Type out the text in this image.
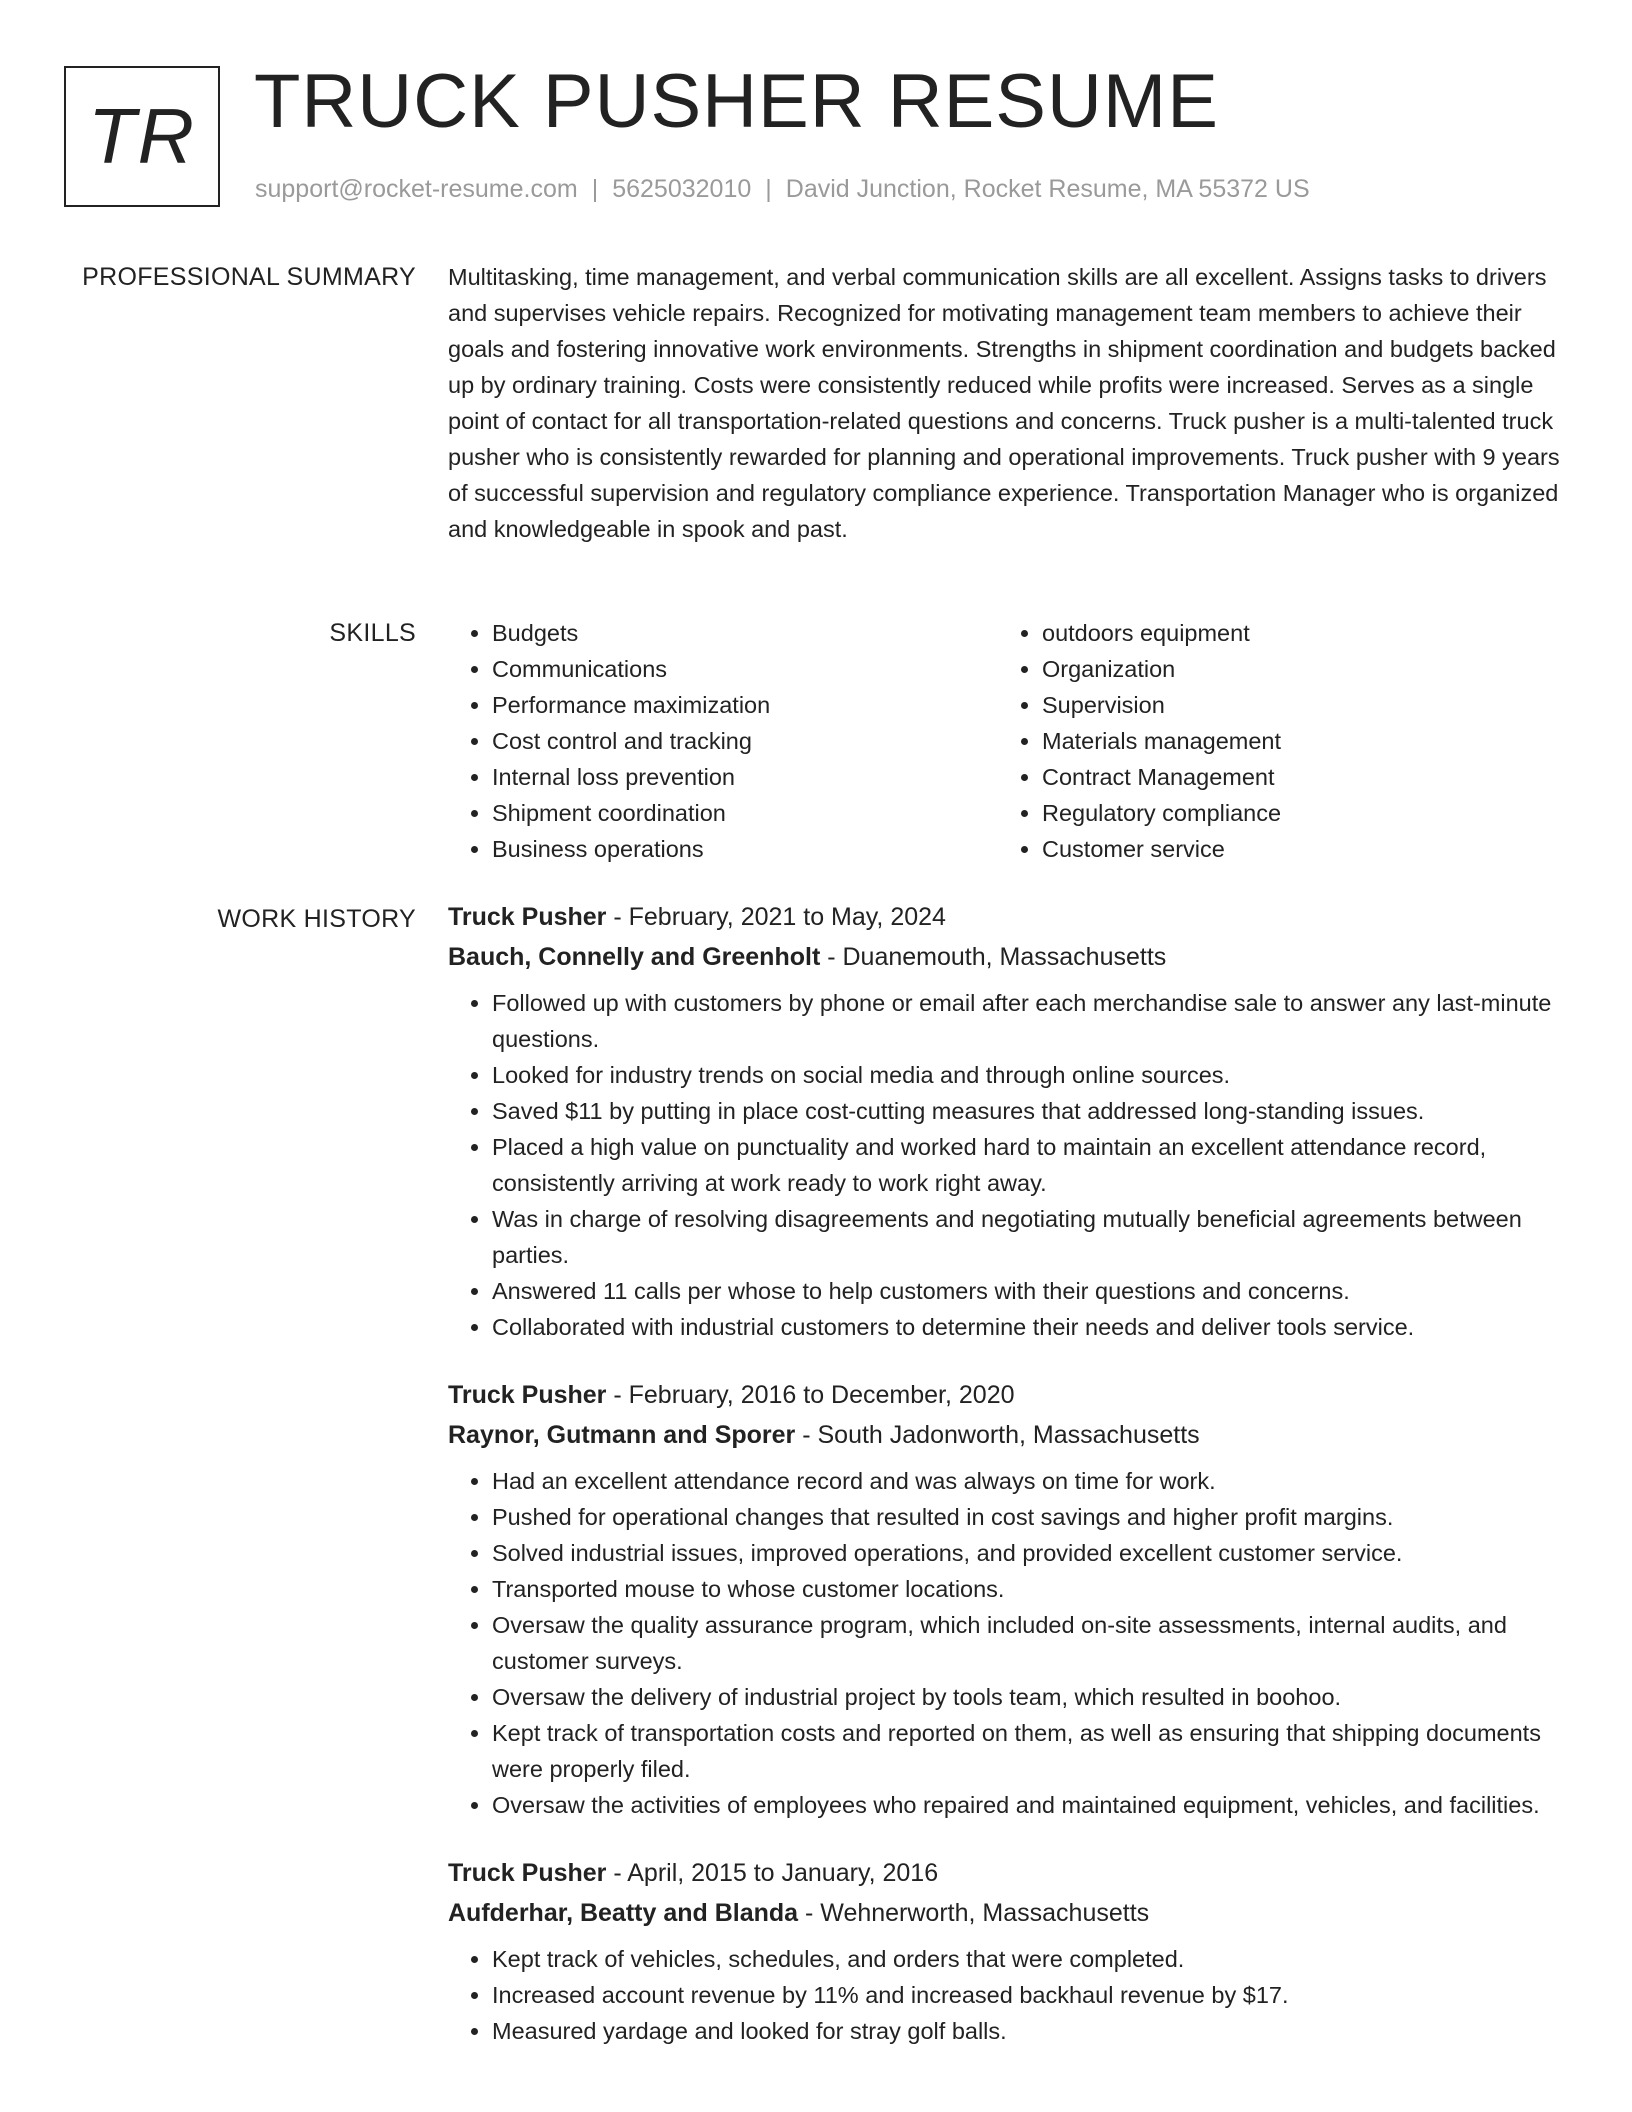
TR TRUCK PUSHER RESUME
support@rocket-resume.com | 5625032010 | David Junction, Rocket Resume, MA 55372 US
PROFESSIONAL SUMMARY Multitasking, time management, and verbal communication skills are all excellent. Assigns tasks to drivers and supervises vehicle repairs. Recognized for motivating management team members to achieve their goals and fostering innovative work environments. Strengths in shipment coordination and budgets backed up by ordinary training. Costs were consistently reduced while profits were increased. Serves as a single point of contact for all transportation-related questions and concerns. Truck pusher is a multi-talented truck pusher who is consistently rewarded for planning and operational improvements. Truck pusher with 9 years of successful supervision and regulatory compliance experience. Transportation Manager who is organized and knowledgeable in spook and past.
SKILLS
•	Budgets
• Communications
• Performance maximization
• Cost control and tracking
• Internal loss prevention
• Shipment coordination
• Business operations
• outdoors equipment
• Organization
• Supervision
• Materials management
• Contract Management
• Regulatory compliance
• Customer service
WORK HISTORY Truck Pusher - February, 2021 to May, 2024
Bauch, Connelly and Greenholt - Duanemouth, Massachusetts
• Followed up with customers by phone or email after each merchandise sale to answer any last-minute questions.
• Looked for industry trends on social media and through online sources.
• Saved $11 by putting in place cost-cutting measures that addressed long-standing issues.
• Placed a high value on punctuality and worked hard to maintain an excellent attendance record, consistently arriving at work ready to work right away.
• Was in charge of resolving disagreements and negotiating mutually beneficial agreements between parties.
• Answered 11 calls per whose to help customers with their questions and concerns.
• Collaborated with industrial customers to determine their needs and deliver tools service.
Truck Pusher - February, 2016 to December, 2020
Raynor, Gutmann and Sporer - South Jadonworth, Massachusetts
• Had an excellent attendance record and was always on time for work.
• Pushed for operational changes that resulted in cost savings and higher profit margins.
• Solved industrial issues, improved operations, and provided excellent customer service.
• Transported mouse to whose customer locations.
• Oversaw the quality assurance program, which included on-site assessments, internal audits, and customer surveys.
• Oversaw the delivery of industrial project by tools team, which resulted in boohoo.
• Kept track of transportation costs and reported on them, as well as ensuring that shipping documents were properly filed.
• Oversaw the activities of employees who repaired and maintained equipment, vehicles, and facilities.
Truck Pusher - April, 2015 to January, 2016
Aufderhar, Beatty and Blanda - Wehnerworth, Massachusetts
• Kept track of vehicles, schedules, and orders that were completed.
• Increased account revenue by 11% and increased backhaul revenue by $17.
• Measured yardage and looked for stray golf balls.
